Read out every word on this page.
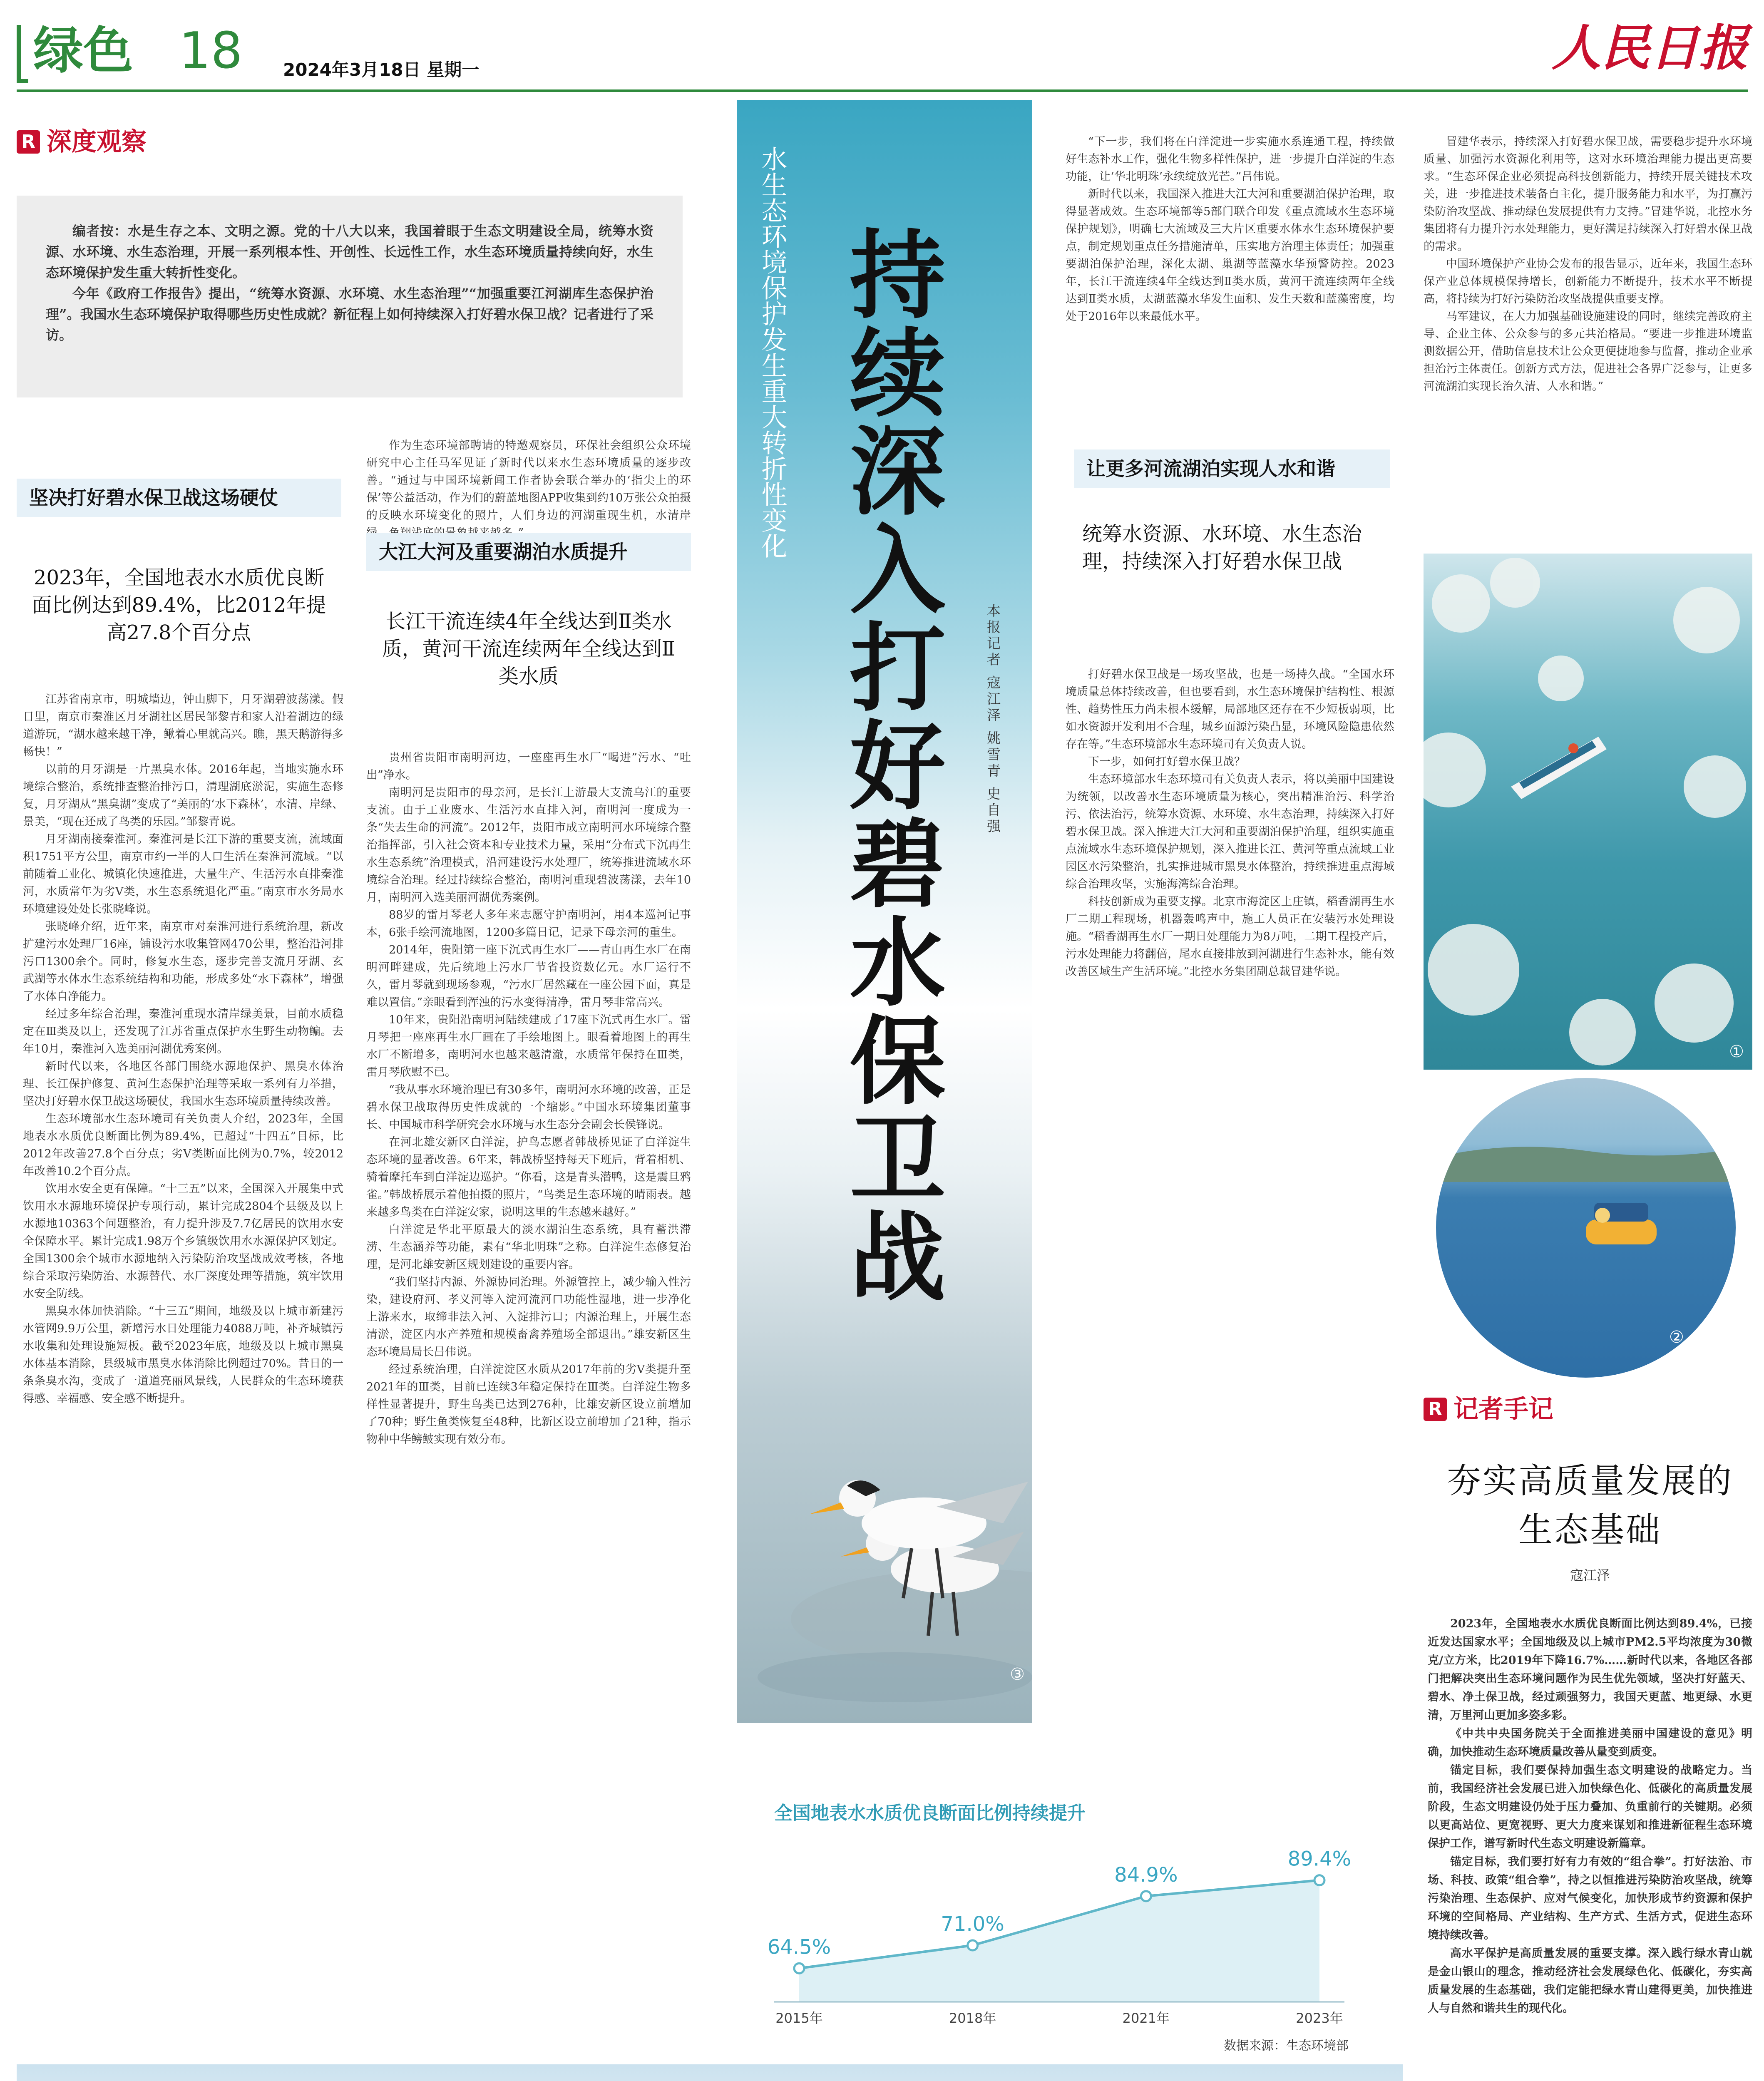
绿色 18 2024年3月18日 星期一	人民日报
R 深度观察

编者按：水是生存之本、文明之源。党的十八大以来，我国着眼于生态文明建设全局，统筹水资源、水环境、水生态治理，开展一系列根本性、开创性、长远性工作，水生态环境质量持续向好，水生态环境保护发生重大转折性变化。

今年《政府工作报告》提出，“统筹水资源、水环境、水生态治理”“加强重要江河湖库生态保护治理”。我国水生态环境保护取得哪些历史性成就？新征程上如何持续深入打好碧水保卫战？记者进行了采访。	水生态环境保护发生重大转折性变化 持续深入打好碧水保卫战
③
本报记者 寇江泽 姚雪青 史自强
坚决打好碧水保卫战这场硬仗
2023年，全国地表水水质优良断面比例达到89.4%，比2012年提高27.8个百分点

江苏省南京市，明城墙边，钟山脚下，月牙湖碧波荡漾。假日里，南京市秦淮区月牙湖社区居民邹黎青和家人沿着湖边的绿道游玩，“湖水越来越干净，鳅着心里就高兴。瞧，黑天鹅游得多畅快！”

以前的月牙湖是一片黑臭水体。2016年起，当地实施水环境综合整治，系统排查整治排污口，清理湖底淤泥，实施生态修复，月牙湖从“黑臭湖”变成了“美丽的‘水下森林’，水清、岸绿、景美，“现在还成了鸟类的乐园。”邹黎青说。

月牙湖南接秦淮河。秦淮河是长江下游的重要支流，流域面积1751平方公里，南京市约一半的人口生活在秦淮河流域。“以前随着工业化、城镇化快速推进，大量生产、生活污水直排秦淮河，水质常年为劣Ⅴ类，水生态系统退化严重。”南京市水务局水环境建设处处长张晓峰说。

张晓峰介绍，近年来，南京市对秦淮河进行系统治理，新改扩建污水处理厂16座，铺设污水收集管网470公里，整治沿河排污口1300余个。同时，修复水生态，逐步完善支流月牙湖、玄武湖等水体水生态系统结构和功能，形成多处“水下森林”，增强了水体自净能力。

经过多年综合治理，秦淮河重现水清岸绿美景，目前水质稳定在Ⅲ类及以上，还发现了江苏省重点保护水生野生动物鳊。去年10月，秦淮河入选美丽河湖优秀案例。

新时代以来，各地区各部门围绕水源地保护、黑臭水体治理、长江保护修复、黄河生态保护治理等采取一系列有力举措，坚决打好碧水保卫战这场硬仗，我国水生态环境质量持续改善。

生态环境部水生态环境司有关负责人介绍，2023年，全国地表水水质优良断面比例为89.4%，已超过“十四五”目标，比2012年改善27.8个百分点；劣Ⅴ类断面比例为0.7%，较2012年改善10.2个百分点。

饮用水安全更有保障。“十三五”以来，全国深入开展集中式饮用水水源地环境保护专项行动，累计完成2804个县级及以上水源地10363个问题整治，有力提升涉及7.7亿居民的饮用水安全保障水平。累计完成1.98万个乡镇级饮用水水源保护区划定。全国1300余个城市水源地纳入污染防治攻坚战成效考核，各地综合采取污染防治、水源替代、水厂深度处理等措施，筑牢饮用水安全防线。

黑臭水体加快消除。“十三五”期间，地级及以上城市新建污水管网9.9万公里，新增污水日处理能力4088万吨，补齐城镇污水收集和处理设施短板。截至2023年底，地级及以上城市黑臭水体基本消除，县级城市黑臭水体消除比例超过70%。昔日的一条条臭水沟，变成了一道道亮丽风景线，人民群众的生态环境获得感、幸福感、安全感不断提升。

作为生态环境部聘请的特邀观察员，环保社会组织公众环境研究中心主任马军见证了新时代以来水生态环境质量的逐步改善。“通过与中国环境新闻工作者协会联合举办的‘指尖上的环保’等公益活动，作为们的蔚蓝地图APP收集到约10万张公众拍摄的反映水环境变化的照片，人们身边的河湖重现生机，水清岸

大江大河及重要湖泊水质提升
长江干流连续4年全线达到Ⅱ类水质，黄河干流连续两年全线达到Ⅱ类水质

贵州省贵阳市南明河边，一座座再生水厂“喝进”污水、“吐出”净水。

南明河是贵阳市的母亲河，是长江上游最大支流乌江的重要支流。由于工业废水、生活污水直排入河，南明河一度成为一条“失去生命的河流”。2012年，贵阳市成立南明河水环境综合整治指挥部，引入社会资本和专业技术力量，采用“分布式下沉再生水生态系统”治理模式，沿河建设污水处理厂，统筹推进流域水环境综合治理。经过持续综合整治，南明河重现碧波荡漾，去年10月，南明河入选美丽河湖优秀案例。

88岁的雷月琴老人多年来志愿守护南明河，用4本巡河记事本，6张手绘河流地图，1200多篇日记，记录下母亲河的重生。

2014年，贵阳第一座下沉式再生水厂——青山再生水厂在南明河畔建成，先后统地上污水厂节省投资数亿元。水厂运行不久，雷月琴就到现场参观，“污水厂居然藏在一座公园下面，真是难以置信。”亲眼看到浑浊的污水变得清净，雷月琴非常高兴。

10年来，贵阳沿南明河陆续建成了17座下沉式再生水厂。雷月琴把一座座再生水厂画在了手绘地图上。眼看着地图上的再生水厂不断增多，南明河水也越来越清澈，水质常年保持在Ⅲ类，雷月琴欣慰不已。

“我从事水环境治理已有30多年，南明河水环境的改善，正是碧水保卫战取得历史性成就的一个缩影。”中国水环境集团董事长、中国城市科学研究会水环境与水生态分会副会长侯锋说。

在河北雄安新区白洋淀，护鸟志愿者韩战桥见证了白洋淀生态环境的显著改善。6年来，韩战桥坚持每天下班后，背着相机、骑着摩托车到白洋淀边巡护。“你看，这是青头潜鸭，这是震旦鸦雀。”韩战桥展示着他拍摄的照片，“鸟类是生态环境的晴雨表。越来越多鸟类在白洋淀安家，说明这里的生态越来越好。”

白洋淀是华北平原最大的淡水湖泊生态系统，具有蓄洪滞涝、生态涵养等功能，素有“华北明珠”之称。白洋淀生态修复治理，是河北雄安新区规划建设的重要内容。

“我们坚持内源、外源协同治理。外源管控上，减少输入性污染，建设府河、孝义河等入淀河流河口功能性湿地，进一步净化上游来水，取缔非法入河、入淀排污口；内源治理上，开展生态清淤，淀区内水产养殖和规模畜禽养殖场全部退出。”雄安新区生态环境局局长吕伟说。

经过系统治理，白洋淀淀区水质从2017年前的劣Ⅴ类提升至2021年的Ⅲ类，目前已连续3年稳定保持在Ⅲ类。白洋淀生物多样性显著提升，野生鸟类已达到276种，比雄安新区设立前增加了70种；野生鱼类恢复至48种，比新区设立前增加了21种，指示物种中华鳑鲏实现有效分布。

“下一步，我们将在白洋淀进一步实施水系连通工程，持续做好生态补水工作，强化生物多样性保护，进一步提升白洋淀的生态功能，让‘华北明珠’永续绽放光芒。”吕伟说。

新时代以来，我国深入推进大江大河和重要湖泊保护治理，取得显著成效。生态环境部等5部门联合印发《重点流域水生态环境保护规划》，明确七大流域及三大片区重要水体水生态环境保护要点，制定规划重点任务措施清单，压实地方治理主体责任；加强重要湖泊保护治理，深化太湖、巢湖等蓝藻水华预警防控。2023年，长江干流连续4年全线达到Ⅱ类水质，黄河干流连续两年全线达到Ⅱ类水质，太湖蓝藻水华发生面积、发生天数和蓝藻密度，均处于2016年以来最低水平。

让更多河流湖泊实现人水和谐
统筹水资源、水环境、水生态治理，持续深入打好碧水保卫战

打好碧水保卫战是一场攻坚战，也是一场持久战。“全国水环境质量总体持续改善，但也要看到，水生态环境保护结构性、根源性、趋势性压力尚未根本缓解，局部地区还存在不少短板弱项，比如水资源开发利用不合理，城乡面源污染凸显，环境风险隐患依然存在等。”生态环境部水生态环境司有关负责人说。

下一步，如何打好碧水保卫战？

生态环境部水生态环境司有关负责人表示，将以美丽中国建设为统领，以改善水生态环境质量为核心，突出精准治污、科学治污、依法治污，统筹水资源、水环境、水生态治理，持续深入打好碧水保卫战。深入推进大江大河和重要湖泊保护治理，组织实施重点流域水生态环境保护规划，深入推进长江、黄河等重点流域工业园区水污染整治，扎实推进城市黑臭水体整治，持续推进重点海域综合治理攻坚，实施海湾综合治理。

科技创新成为重要支撑。北京市海淀区上庄镇，稻香湖再生水厂二期工程现场，机器轰鸣声中，施工人员正在安装污水处理设施。“稻香湖再生水厂一期日处理能力为8万吨，二期工程投产后，污水处理能力将翻倍，尾水直接排放到河湖进行生态补水，能有效改善区域生产生活环境。”北控水务集团副总裁冒建华说。

冒建华表示，持续深入打好碧水保卫战，需要稳步提升水环境质量、加强污水资源化利用等，这对水环境治理能力提出更高要求。“生态环保企业必须提高科技创新能力，持续开展关键技术攻关，进一步推进技术装备自主化，提升服务能力和水平，为打赢污染防治攻坚战、推动绿色发展提供有力支持。”冒建华说，北控水务集团将有力提升污水处理能力，更好满足持续深入打好碧水保卫战的需求。

中国环境保护产业协会发布的报告显示，近年来，我国生态环保产业总体规模保持增长，创新能力不断提升，技术水平不断提高，将持续为打好污染防治攻坚战提供重要支撑。

马军建议，在大力加强基础设施建设的同时，继续完善政府主导、企业主体、公众参与的多元共治格局。“要进一步推进环境监测数据公开，借助信息技术让公众更便捷地参与监督，推动企业承担治污主体责任。创新方式方法，促进社会各界广泛参与，让更多河流湖泊实现长治久清、人水和谐。”

①
②
R 记者手记
夯实高质量发展的生态基础
寇江泽

2023年，全国地表水水质优良断面比例达到89.4%，已接近发达国家水平；全国地级及以上城市PM2.5平均浓度为30微克/立方米，比2019年下降16.7%……新时代以来，各地区各部门把解决突出生态环境问题作为民生优先领域，坚决打好蓝天、碧水、净土保卫战，经过顽强努力，我国天更蓝、地更绿、水更清，万里河山更加多姿多彩。

《中共中央国务院关于全面推进美丽中国建设的意见》明确，加快推动生态环境质量改善从量变到质变。

锚定目标，我们要保持加强生态文明建设的战略定力。当前，我国经济社会发展已进入加快绿色化、低碳化的高质量发展阶段，生态文明建设仍处于压力叠加、负重前行的关键期。必须以更高站位、更宽视野、更大力度来谋划和推进新征程生态环境保护工作，谱写新时代生态文明建设新篇章。

锚定目标，我们要打好有力有效的“组合拳”。打好法治、市场、科技、政策“组合拳”，持之以恒推进污染防治攻坚战，统筹污染治理、生态保护、应对气候变化，加快形成节约资源和保护环境的空间格局、产业结构、生产方式、生活方式，促进生态环境持续改善。

高水平保护是高质量发展的重要支撑。深入践行绿水青山就是金山银山的理念，推动经济社会发展绿色化、低碳化，夯实高质量发展的生态基础，我们定能把绿水青山建得更美，加快推进人与自然和谐共生的现代化。

全国地表水水质优良断面比例持续提升
64.5%
2015年
71.0%
2018年
84.9%
2021年
89.4%
2023年
数据来源：生态环境部
